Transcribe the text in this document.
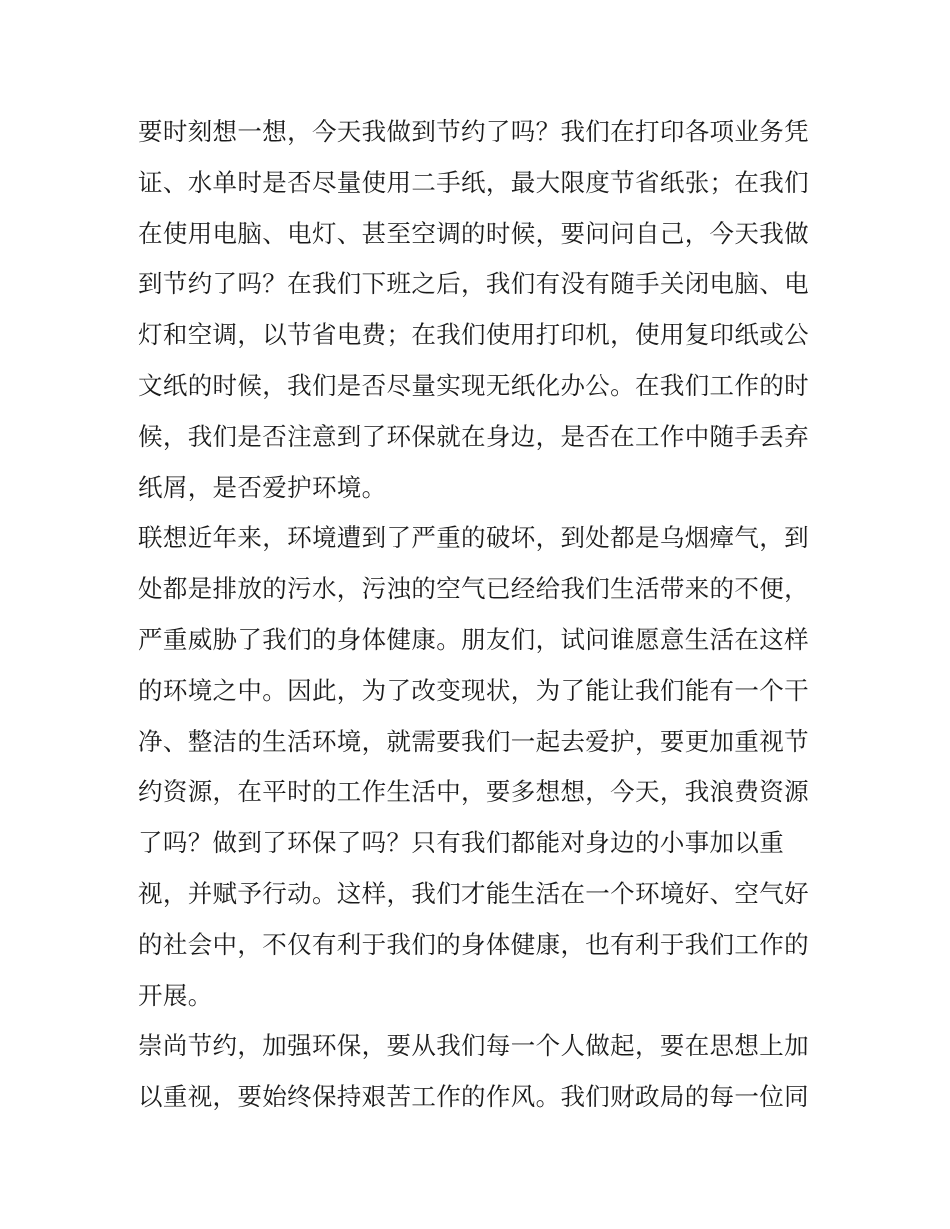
要时刻想一想，今天我做到节约了吗？我们在打印各项业务凭
证、水单时是否尽量使用二手纸，最大限度节省纸张；在我们
在使用电脑、电灯、甚至空调的时候，要问问自己，今天我做
到节约了吗？在我们下班之后，我们有没有随手关闭电脑、电
灯和空调，以节省电费；在我们使用打印机，使用复印纸或公
文纸的时候，我们是否尽量实现无纸化办公。在我们工作的时
候，我们是否注意到了环保就在身边，是否在工作中随手丢弃
纸屑，是否爱护环境。
联想近年来，环境遭到了严重的破坏，到处都是乌烟瘴气，到
处都是排放的污水，污浊的空气已经给我们生活带来的不便，
严重威胁了我们的身体健康。朋友们，试问谁愿意生活在这样
的环境之中。因此，为了改变现状，为了能让我们能有一个干
净、整洁的生活环境，就需要我们一起去爱护，要更加重视节
约资源，在平时的工作生活中，要多想想，今天，我浪费资源
了吗？做到了环保了吗？只有我们都能对身边的小事加以重
视，并赋予行动。这样，我们才能生活在一个环境好、空气好
的社会中，不仅有利于我们的身体健康，也有利于我们工作的
开展。
崇尚节约，加强环保，要从我们每一个人做起，要在思想上加
以重视，要始终保持艰苦工作的作风。我们财政局的每一位同
